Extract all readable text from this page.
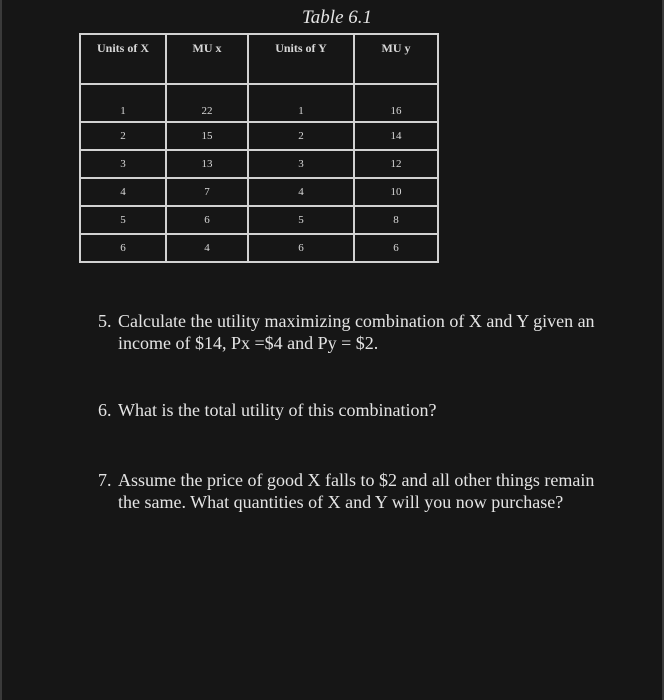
Table 6.1
Units of X	MU x	Units of Y	MU y
1	22	1	16
2	15	2	14
3	13	3	12
4	7	4	10
5	6	5	8
6	4	6	6
5. Calculate the utility maximizing combination of X and Y given an income of $14, Px =$4 and Py = $2.
6. What is the total utility of this combination?
7. Assume the price of good X falls to $2 and all other things remain the same. What quantities of X and Y will you now purchase?
